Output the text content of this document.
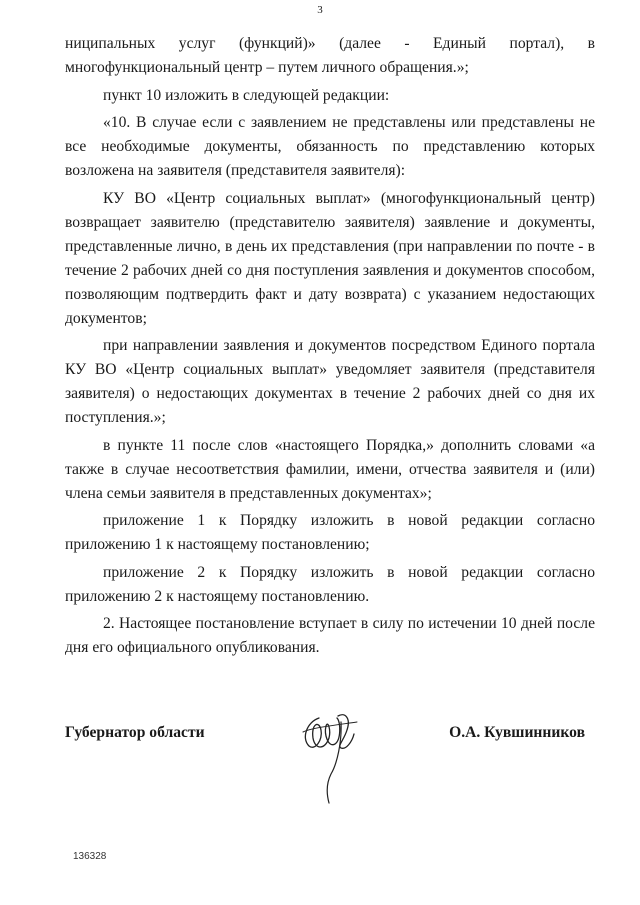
3

ниципальных услуг (функций)» (далее - Единый портал), в многофункциональный центр – путем личного обращения.»;

пункт 10 изложить в следующей редакции:

«10. В случае если с заявлением не представлены или представлены не все необходимые документы, обязанность по представлению которых возложена на заявителя (представителя заявителя):

КУ ВО «Центр социальных выплат» (многофункциональный центр) возвращает заявителю (представителю заявителя) заявление и документы, представленные лично, в день их представления (при направлении по почте - в течение 2 рабочих дней со дня поступления заявления и документов способом, позволяющим подтвердить факт и дату возврата) с указанием недостающих документов;

при направлении заявления и документов посредством Единого портала КУ ВО «Центр социальных выплат» уведомляет заявителя (представителя заявителя) о недостающих документах в течение 2 рабочих дней со дня их поступления.»;

в пункте 11 после слов «настоящего Порядка,» дополнить словами «а также в случае несоответствия фамилии, имени, отчества заявителя и (или) члена семьи заявителя в представленных документах»;

приложение 1 к Порядку изложить в новой редакции согласно приложению 1 к настоящему постановлению;

приложение 2 к Порядку изложить в новой редакции согласно приложению 2 к настоящему постановлению.

2. Настоящее постановление вступает в силу по истечении 10 дней после дня его официального опубликования.

Губернатор области	О.А. Кувшинников
136328
